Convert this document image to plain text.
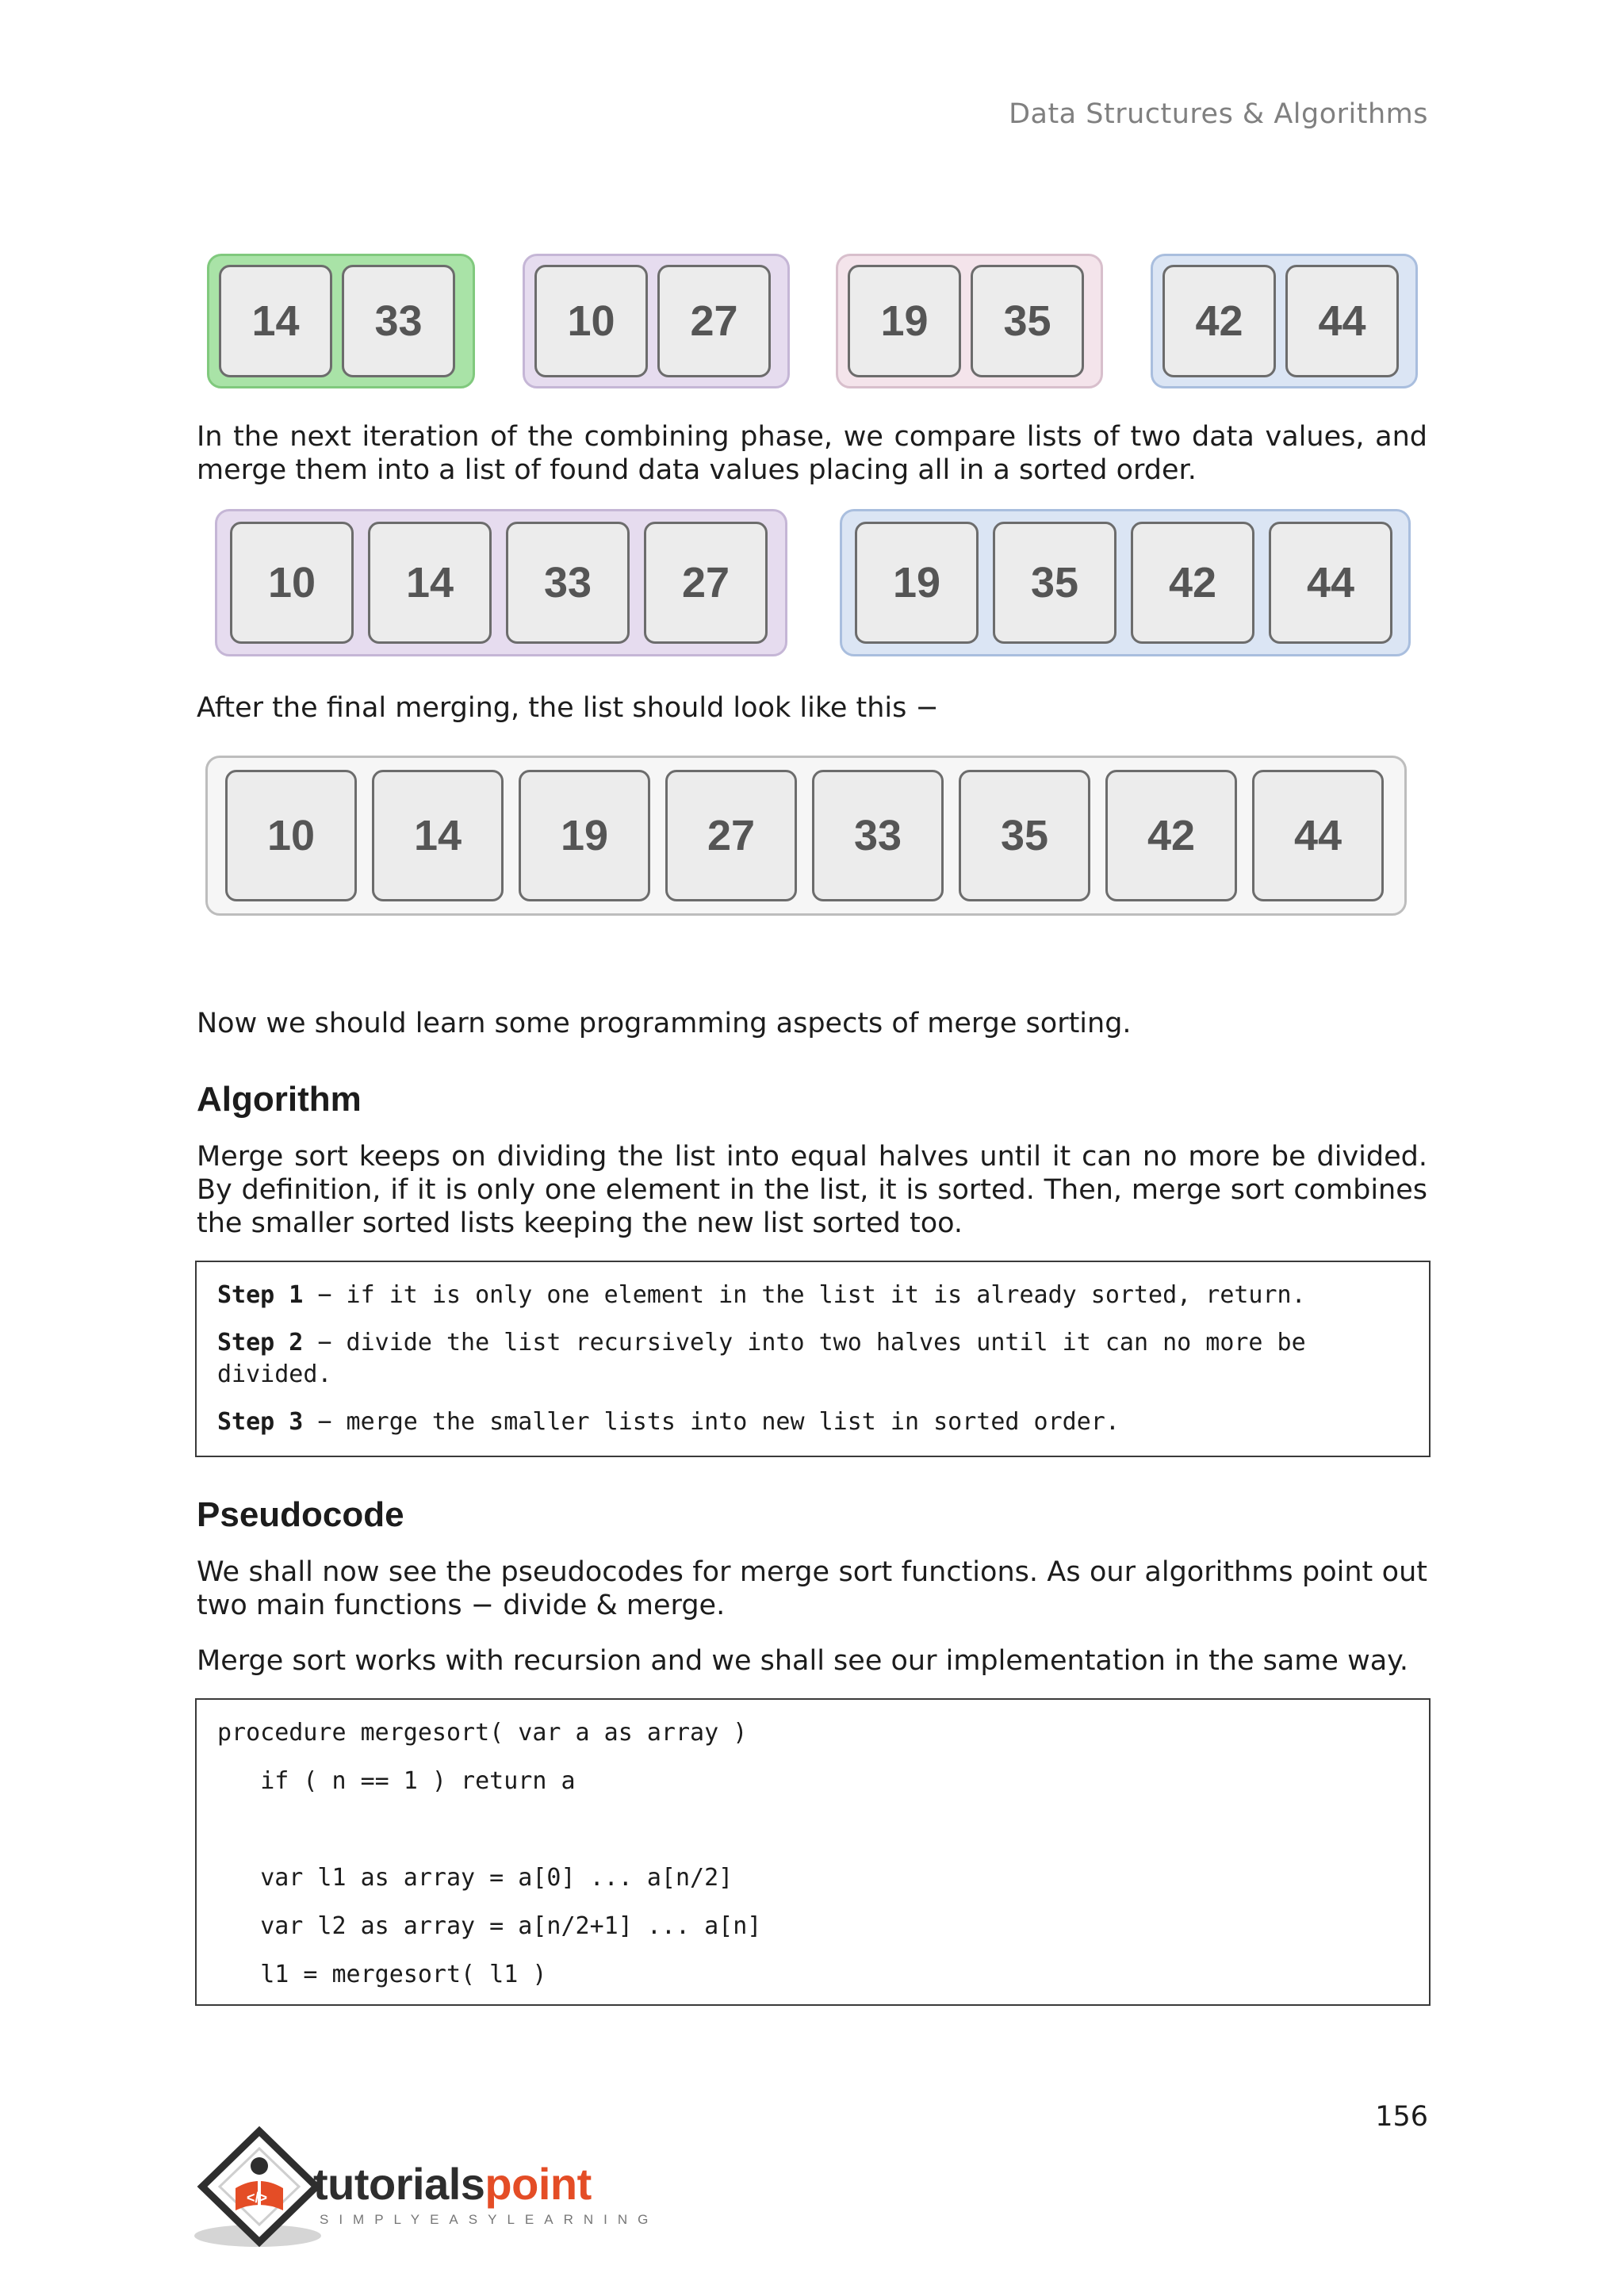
Data Structures & Algorithms
14	33	10	27	19	35	42	44
In the next iteration of the combining phase, we compare lists of two data values, and merge them into a list of found data values placing all in a sorted order.
10	14	33	27	19	35	42	44
After the final merging, the list should look like this −
10	14	19	27	33	35	42	44
Now we should learn some programming aspects of merge sorting.
Algorithm
Merge sort keeps on dividing the list into equal halves until it can no more be divided. By definition, if it is only one element in the list, it is sorted. Then, merge sort combines the smaller sorted lists keeping the new list sorted too.
Step 1 − if it is only one element in the list it is already sorted, return.
Step 2 − divide the list recursively into two halves until it can no more be divided.
Step 3 − merge the smaller lists into new list in sorted order.
Pseudocode
We shall now see the pseudocodes for merge sort functions. As our algorithms point out two main functions − divide & merge.
Merge sort works with recursion and we shall see our implementation in the same way.
procedure mergesort( var a as array )
if ( n == 1 ) return a
var l1 as array = a[0] ... a[n/2]
var l2 as array = a[n/2+1] ... a[n]
l1 = mergesort( l1 )
156
</> tutorialspoint
SIMPLYEASYLEARNING
